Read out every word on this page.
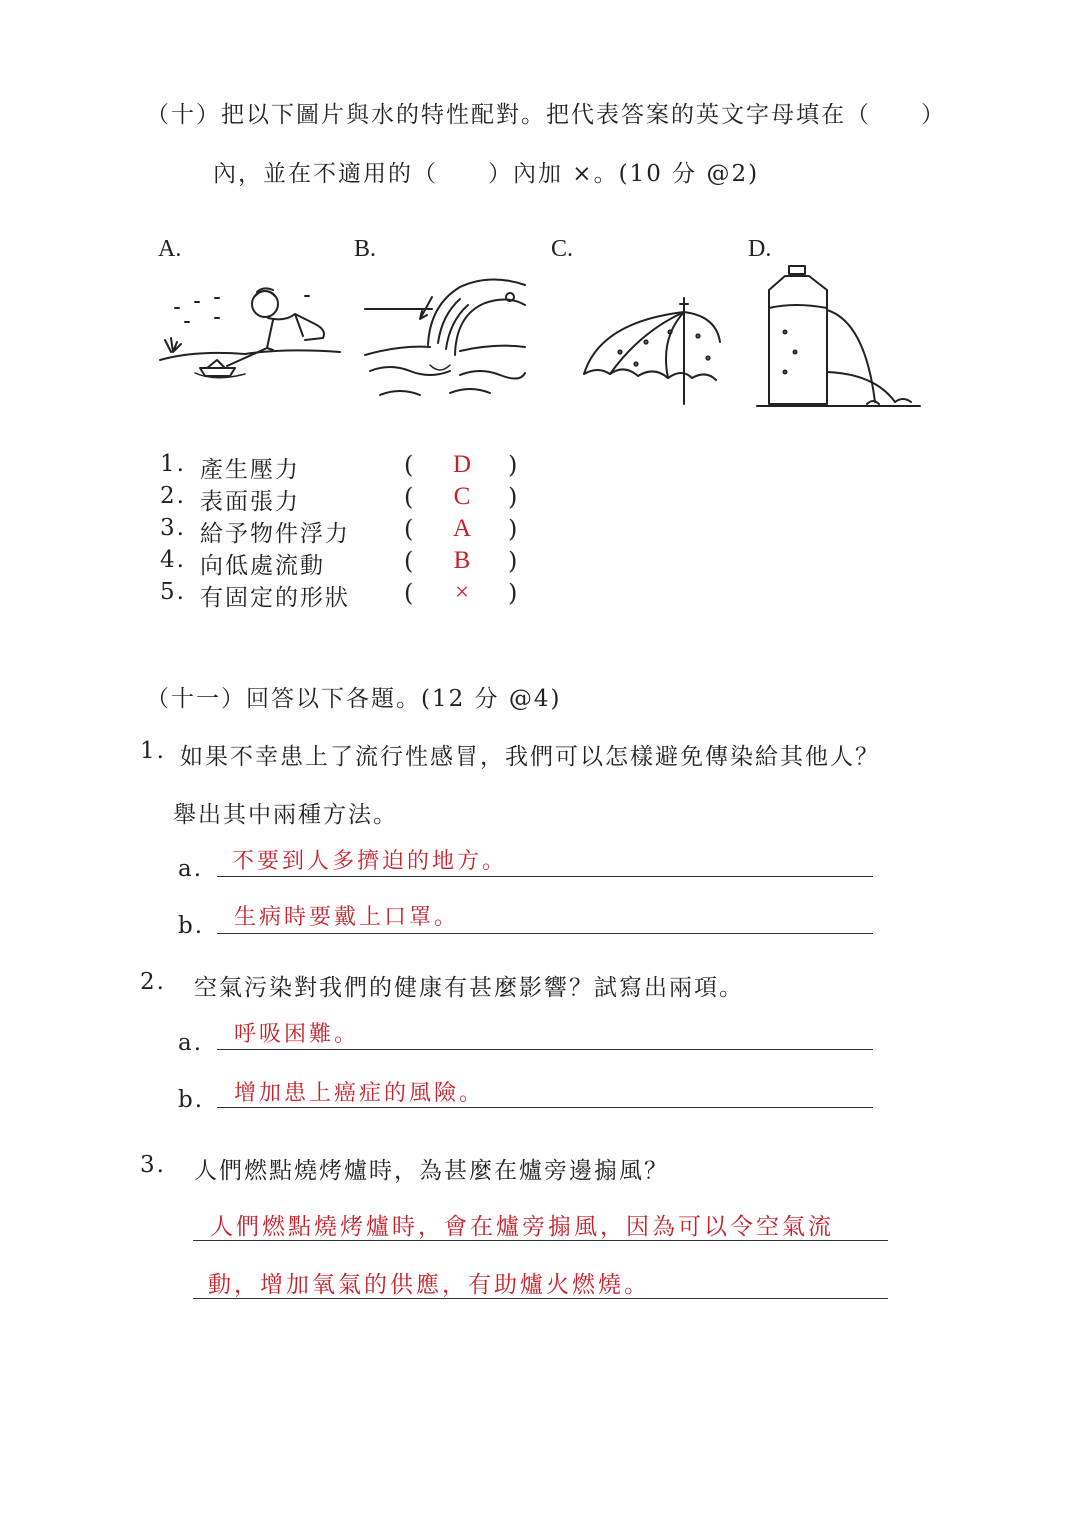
（十）把以下圖片與水的特性配對。把代表答案的英文字母填在（　　）
內，並在不適用的（　　）內加 ×。(10 分 @2)
A.	B.	C.	D.
1. 產生壓力	(	D	)
2. 表面張力	(	C	)
3. 給予物件浮力 (	A	)
4. 向低處流動	(	B	)
5. 有固定的形狀 (	×	)
（十一）回答以下各題。(12 分 @4)
1. 如果不幸患上了流行性感冒，我們可以怎樣避免傳染給其他人？
舉出其中兩種方法。
a. 不要到人多擠迫的地方。
b. 生病時要戴上口罩。
2. 空氣污染對我們的健康有甚麼影響？試寫出兩項。
a. 呼吸困難。
b. 增加患上癌症的風險。
3. 人們燃點燒烤爐時，為甚麼在爐旁邊搧風？
人們燃點燒烤爐時，會在爐旁搧風，因為可以令空氣流
動，增加氧氣的供應，有助爐火燃燒。
